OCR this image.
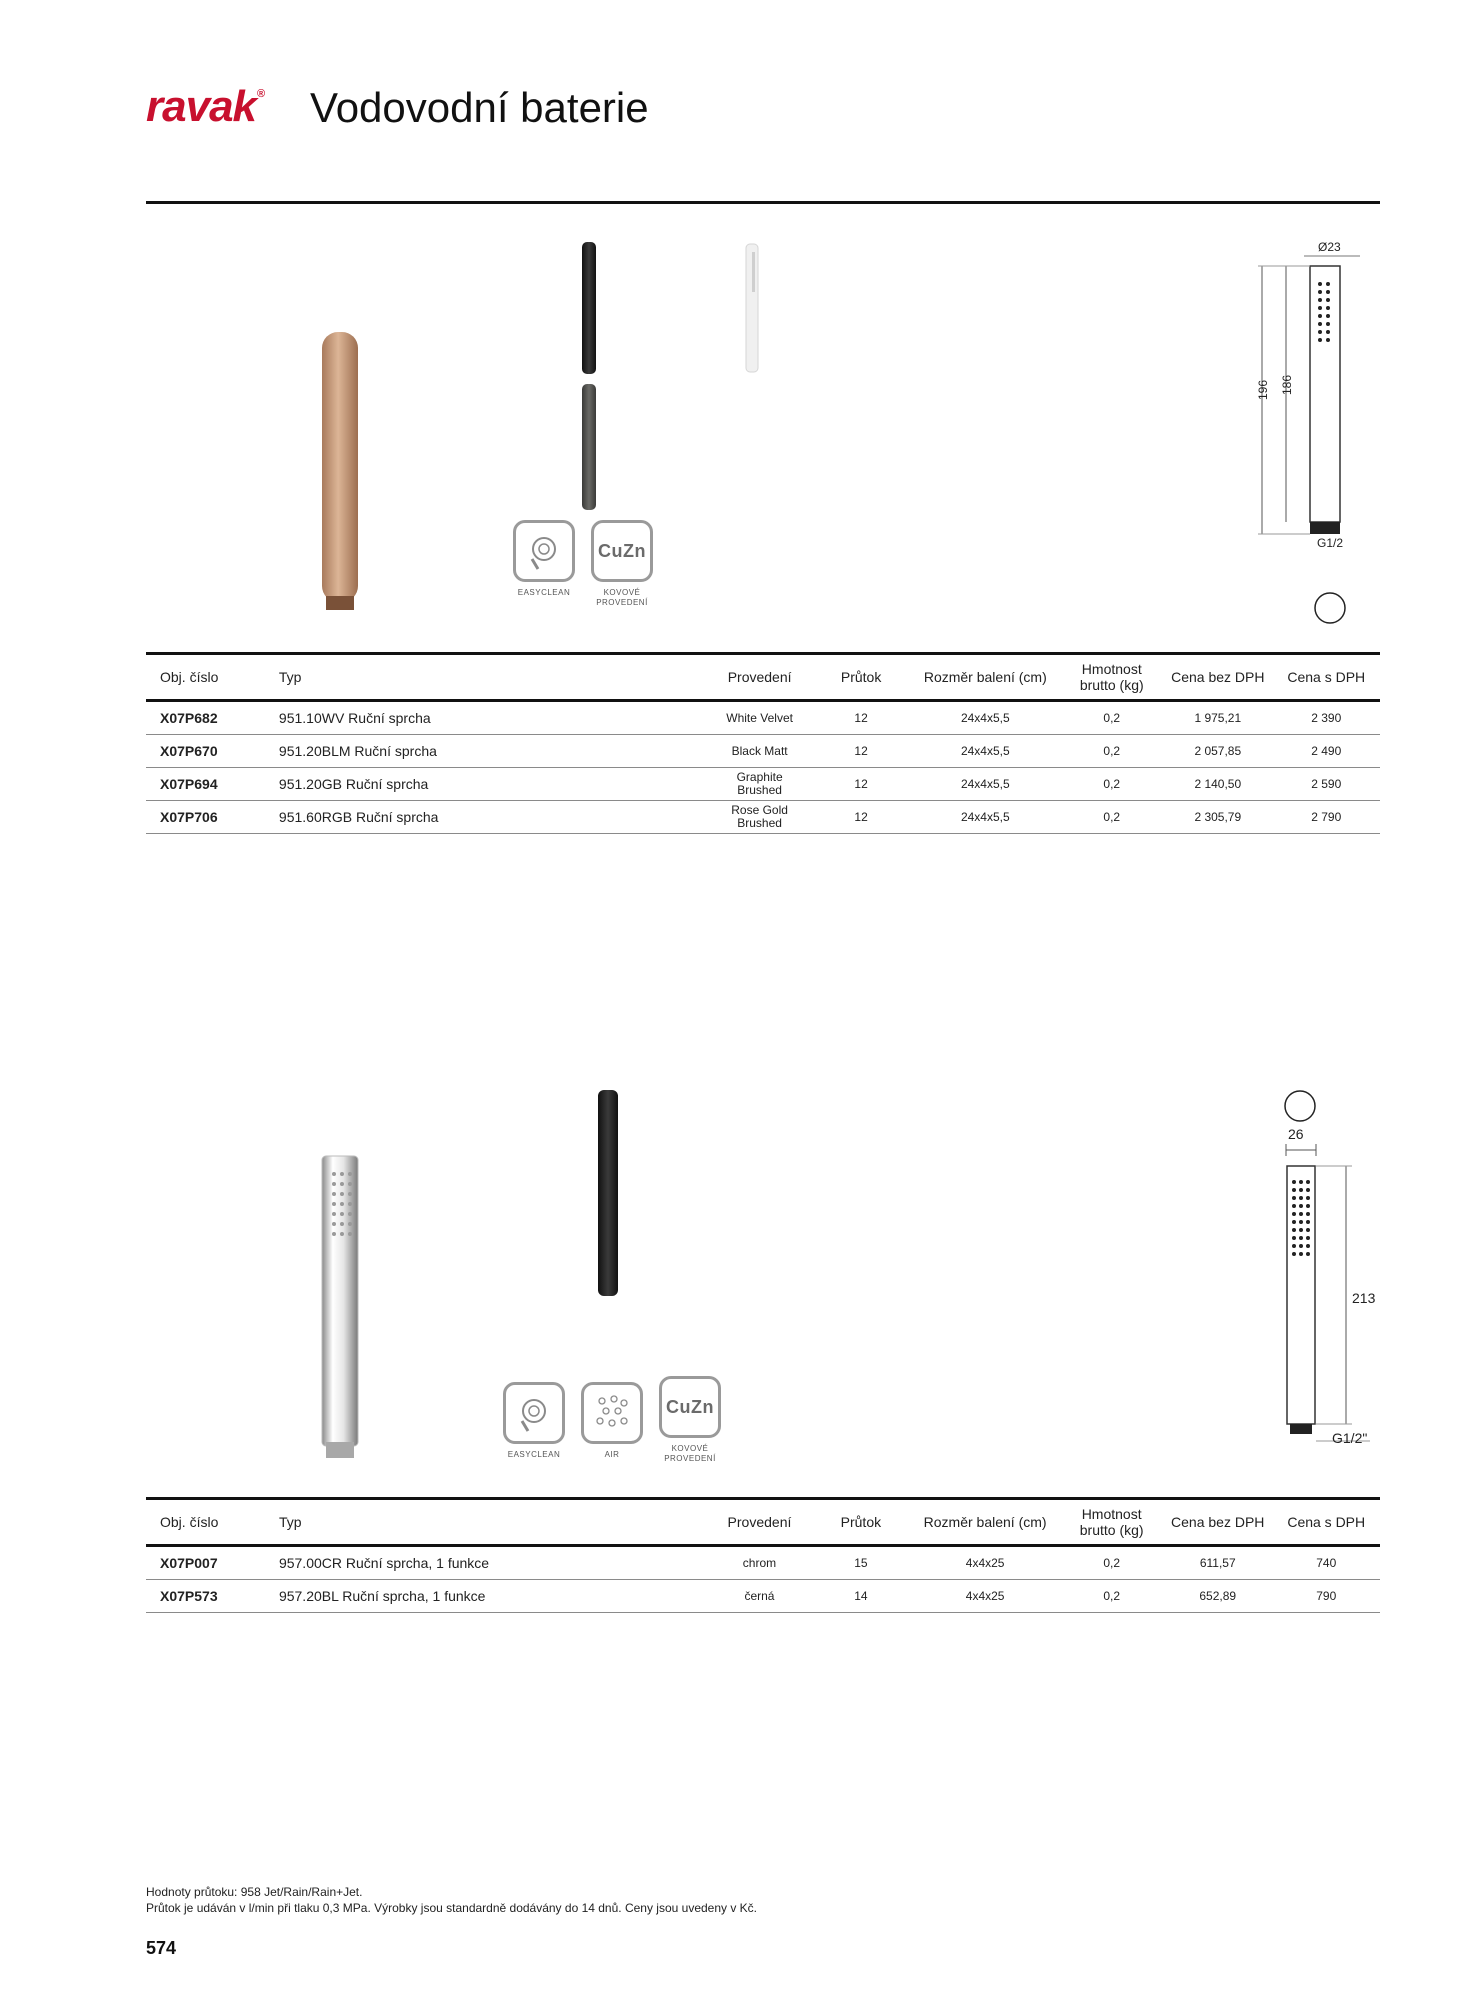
ravak® Vodovodní baterie
EASYCLEAN
CuZn
KOVOVÉ
PROVEDENÍ
Ø23
196 186
G1/2
Obj. číslo	Typ	Provedení	Průtok	Rozměr balení (cm)	Hmotnost brutto (kg)	Cena bez DPH	Cena s DPH
X07P682	951.10WV Ruční sprcha	White Velvet	12	24x4x5,5	0,2	1 975,21	2 390
X07P670	951.20BLM Ruční sprcha	Black Matt	12	24x4x5,5	0,2	2 057,85	2 490
X07P694	951.20GB Ruční sprcha	Graphite Brushed	12	24x4x5,5	0,2	2 140,50	2 590
X07P706	951.60RGB Ruční sprcha	Rose Gold Brushed	12	24x4x5,5	0,2	2 305,79	2 790
EASYCLEAN	AIR
CuZn
KOVOVÉ
PROVEDENÍ
26
213
G1/2"
Obj. číslo	Typ	Provedení	Průtok	Rozměr balení (cm)	Hmotnost brutto (kg)	Cena bez DPH	Cena s DPH
X07P007	957.00CR Ruční sprcha, 1 funkce	chrom	15	4x4x25	0,2	611,57	740
X07P573	957.20BL Ruční sprcha, 1 funkce	černá	14	4x4x25	0,2	652,89	790
Hodnoty průtoku: 958 Jet/Rain/Rain+Jet.
Průtok je udáván v l/min při tlaku 0,3 MPa. Výrobky jsou standardně dodávány do 14 dnů. Ceny jsou uvedeny v Kč.
574
